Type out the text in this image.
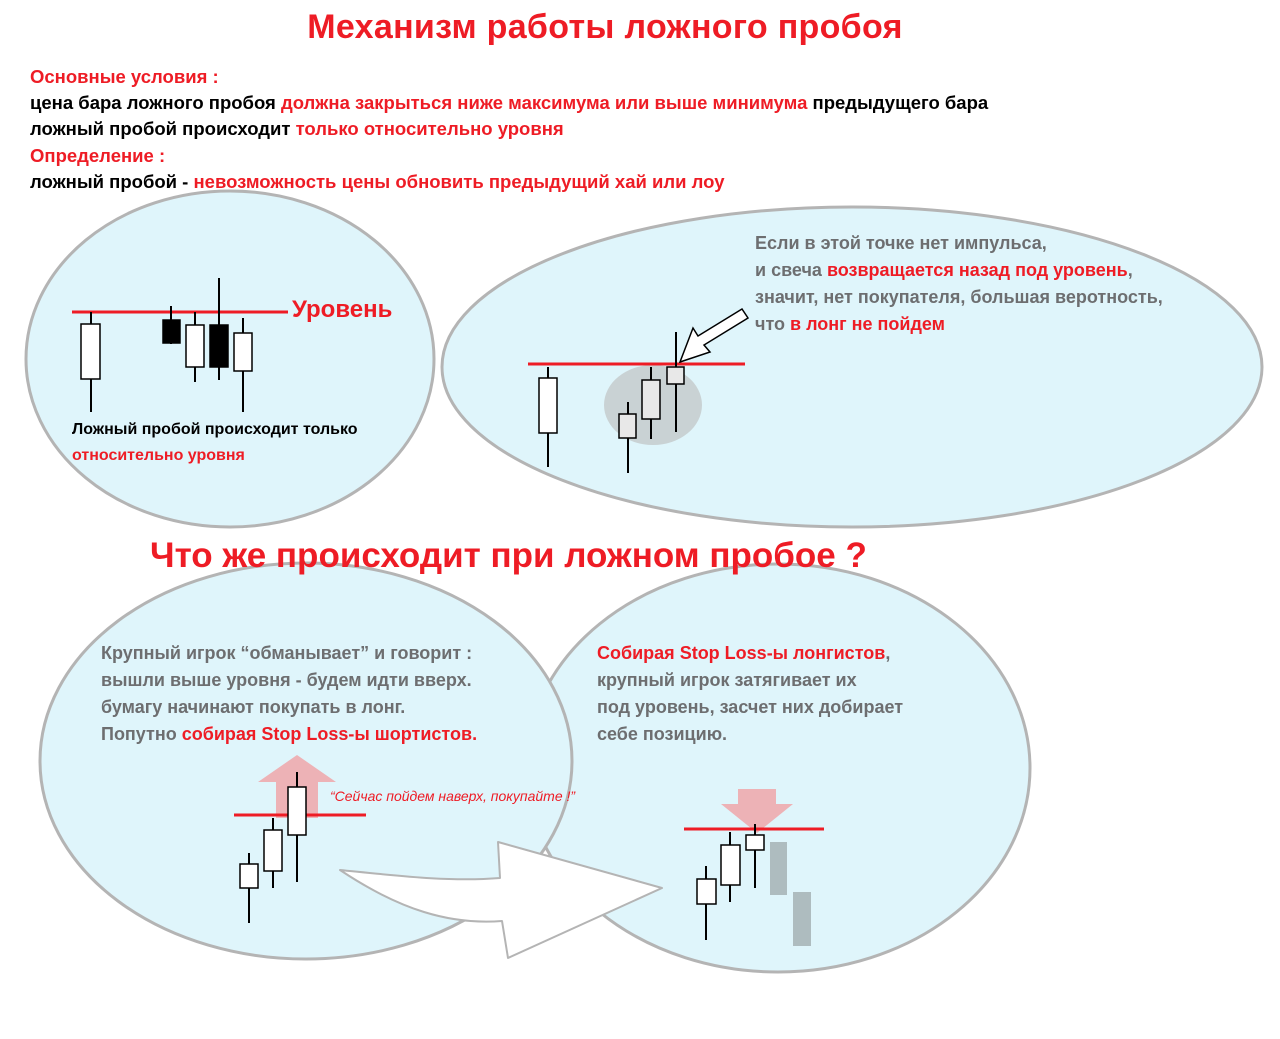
Механизм работы ложного пробоя
Основные условия :
цена бара ложного пробоя должна закрыться ниже максимума или выше минимума предыдущего бара
ложный пробой происходит только относительно уровня
Определение :
ложный пробой - невозможность цены обновить предыдущий хай или лоу
Уровень
Ложный пробой происходит только
относительно уровня
Если в этой точке нет импульса,
и свеча возвращается назад под уровень,
значит, нет покупателя, большая веротность,
что в лонг не пойдем
Что же происходит при ложном пробое ?
Крупный игрок “обманывает” и говорит :
вышли выше уровня - будем идти вверх.
бумагу начинают покупать в лонг.
Попутно собирая Stop Loss-ы шортистов.
“Сейчас пойдем наверх, покупайте !”
Собирая Stop Loss-ы лонгистов,
крупный игрок затягивает их
под уровень, засчет них добирает
себе позицию.
